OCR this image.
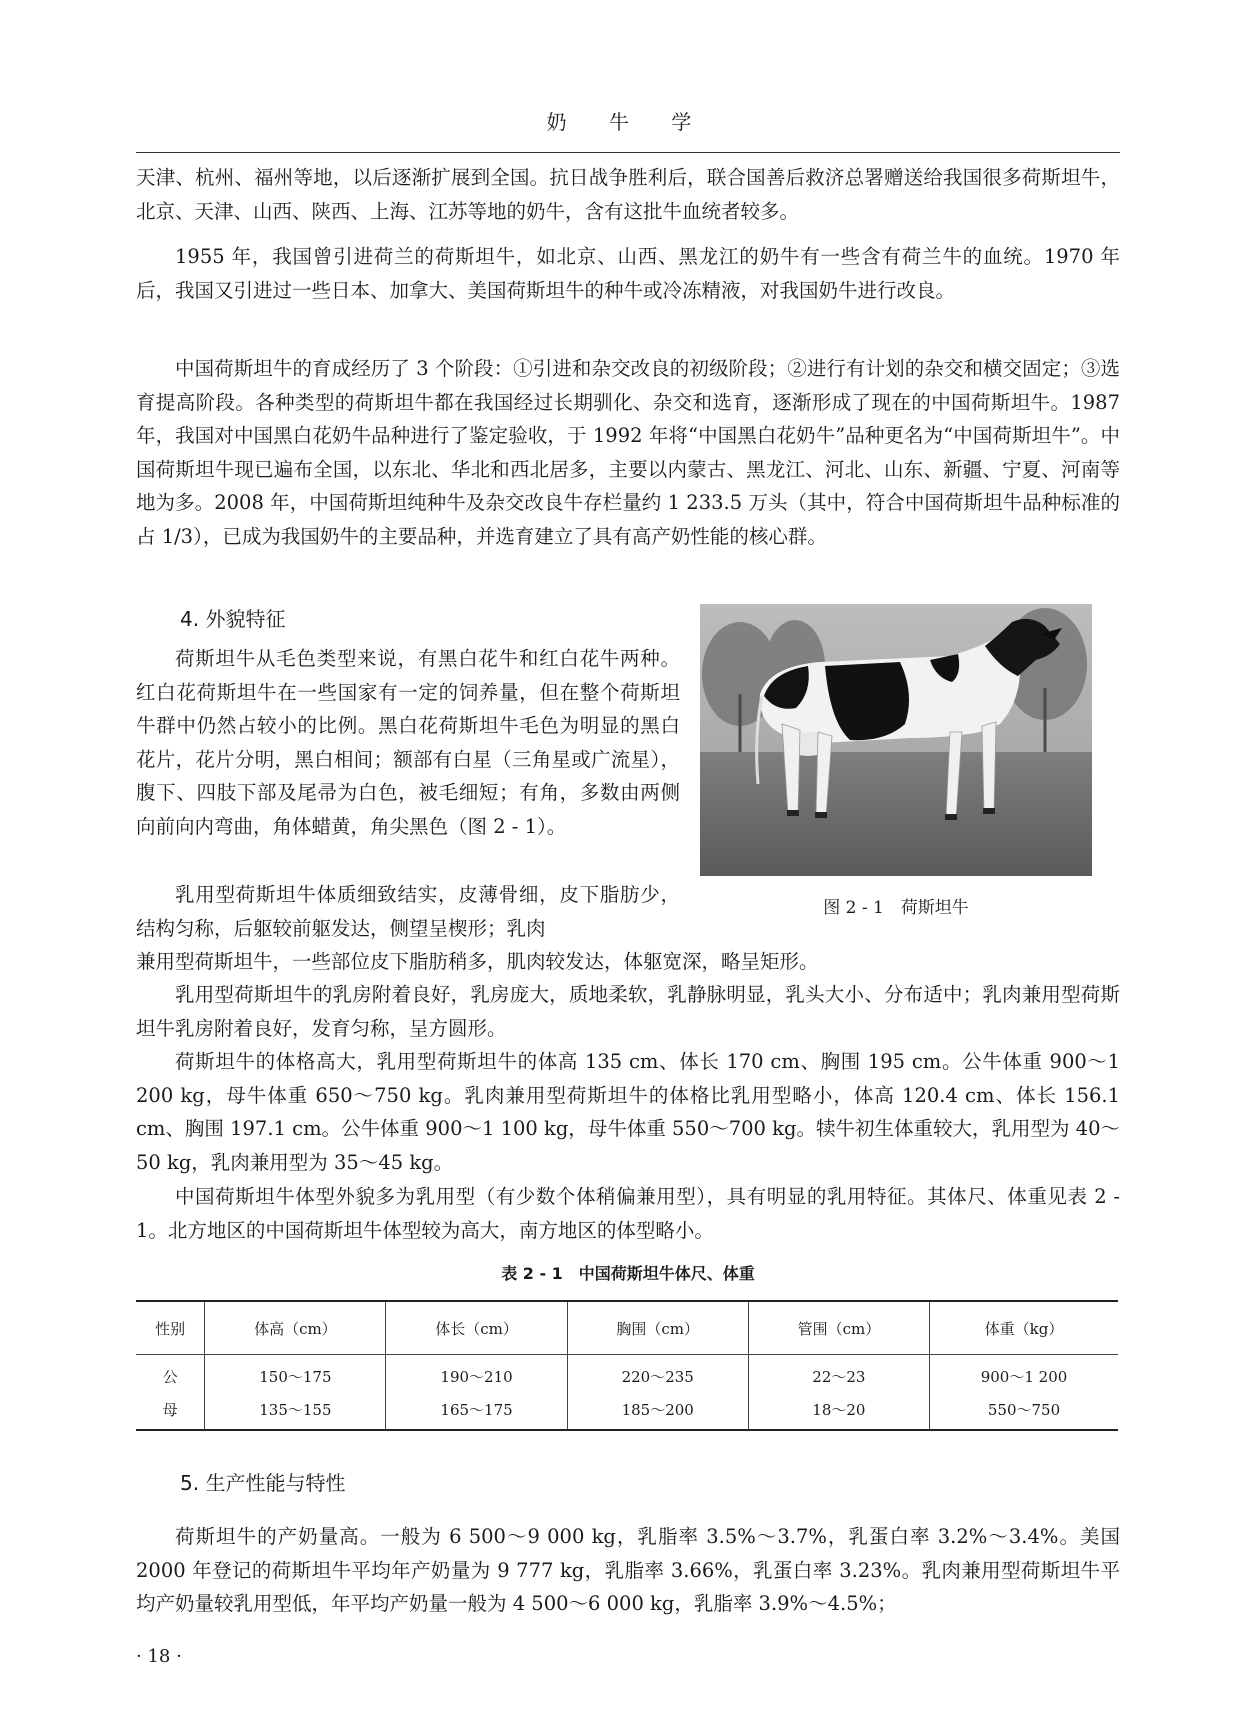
奶 牛 学

天津、杭州、福州等地，以后逐渐扩展到全国。抗日战争胜利后，联合国善后救济总署赠送给我国很多荷斯坦牛，北京、天津、山西、陕西、上海、江苏等地的奶牛，含有这批牛血统者较多。

1955 年，我国曾引进荷兰的荷斯坦牛，如北京、山西、黑龙江的奶牛有一些含有荷兰牛的血统。1970 年后，我国又引进过一些日本、加拿大、美国荷斯坦牛的种牛或冷冻精液，对我国奶牛进行改良。

中国荷斯坦牛的育成经历了 3 个阶段：①引进和杂交改良的初级阶段；②进行有计划的杂交和横交固定；③选育提高阶段。各种类型的荷斯坦牛都在我国经过长期驯化、杂交和选育，逐渐形成了现在的中国荷斯坦牛。1987 年，我国对中国黑白花奶牛品种进行了鉴定验收，于 1992 年将“中国黑白花奶牛”品种更名为“中国荷斯坦牛”。中国荷斯坦牛现已遍布全国，以东北、华北和西北居多，主要以内蒙古、黑龙江、河北、山东、新疆、宁夏、河南等地为多。2008 年，中国荷斯坦纯种牛及杂交改良牛存栏量约 1 233.5 万头（其中，符合中国荷斯坦牛品种标准的占 1/3），已成为我国奶牛的主要品种，并选育建立了具有高产奶性能的核心群。

4. 外貌特征

荷斯坦牛从毛色类型来说，有黑白花牛和红白花牛两种。红白花荷斯坦牛在一些国家有一定的饲养量，但在整个荷斯坦牛群中仍然占较小的比例。黑白花荷斯坦牛毛色为明显的黑白花片，花片分明，黑白相间；额部有白星（三角星或广流星），腹下、四肢下部及尾帚为白色，被毛细短；有角，多数由两侧向前向内弯曲，角体蜡黄，角尖黑色（图 2 - 1）。

乳用型荷斯坦牛体质细致结实，皮薄骨细，皮下脂肪少，结构匀称，后躯较前躯发达，侧望呈楔形；乳肉

图 2 - 1　荷斯坦牛

兼用型荷斯坦牛，一些部位皮下脂肪稍多，肌肉较发达，体躯宽深，略呈矩形。

乳用型荷斯坦牛的乳房附着良好，乳房庞大，质地柔软，乳静脉明显，乳头大小、分布适中；乳肉兼用型荷斯坦牛乳房附着良好，发育匀称，呈方圆形。

荷斯坦牛的体格高大，乳用型荷斯坦牛的体高 135 cm、体长 170 cm、胸围 195 cm。公牛体重 900～1 200 kg，母牛体重 650～750 kg。乳肉兼用型荷斯坦牛的体格比乳用型略小，体高 120.4 cm、体长 156.1 cm、胸围 197.1 cm。公牛体重 900～1 100 kg，母牛体重 550～700 kg。犊牛初生体重较大，乳用型为 40～50 kg，乳肉兼用型为 35～45 kg。

中国荷斯坦牛体型外貌多为乳用型（有少数个体稍偏兼用型），具有明显的乳用特征。其体尺、体重见表 2 - 1。北方地区的中国荷斯坦牛体型较为高大，南方地区的体型略小。

表 2 - 1　中国荷斯坦牛体尺、体重
性别	体高（cm）	体长（cm）	胸围（cm）	管围（cm）	体重（kg）
公	150～175	190～210	220～235	22～23	900～1 200
母	135～155	165～175	185～200	18～20	550～750
5. 生产性能与特性

荷斯坦牛的产奶量高。一般为 6 500～9 000 kg，乳脂率 3.5%～3.7%，乳蛋白率 3.2%～3.4%。美国 2000 年登记的荷斯坦牛平均年产奶量为 9 777 kg，乳脂率 3.66%，乳蛋白率 3.23%。乳肉兼用型荷斯坦牛平均产奶量较乳用型低，年平均产奶量一般为 4 500～6 000 kg，乳脂率 3.9%～4.5%；

· 18 ·
